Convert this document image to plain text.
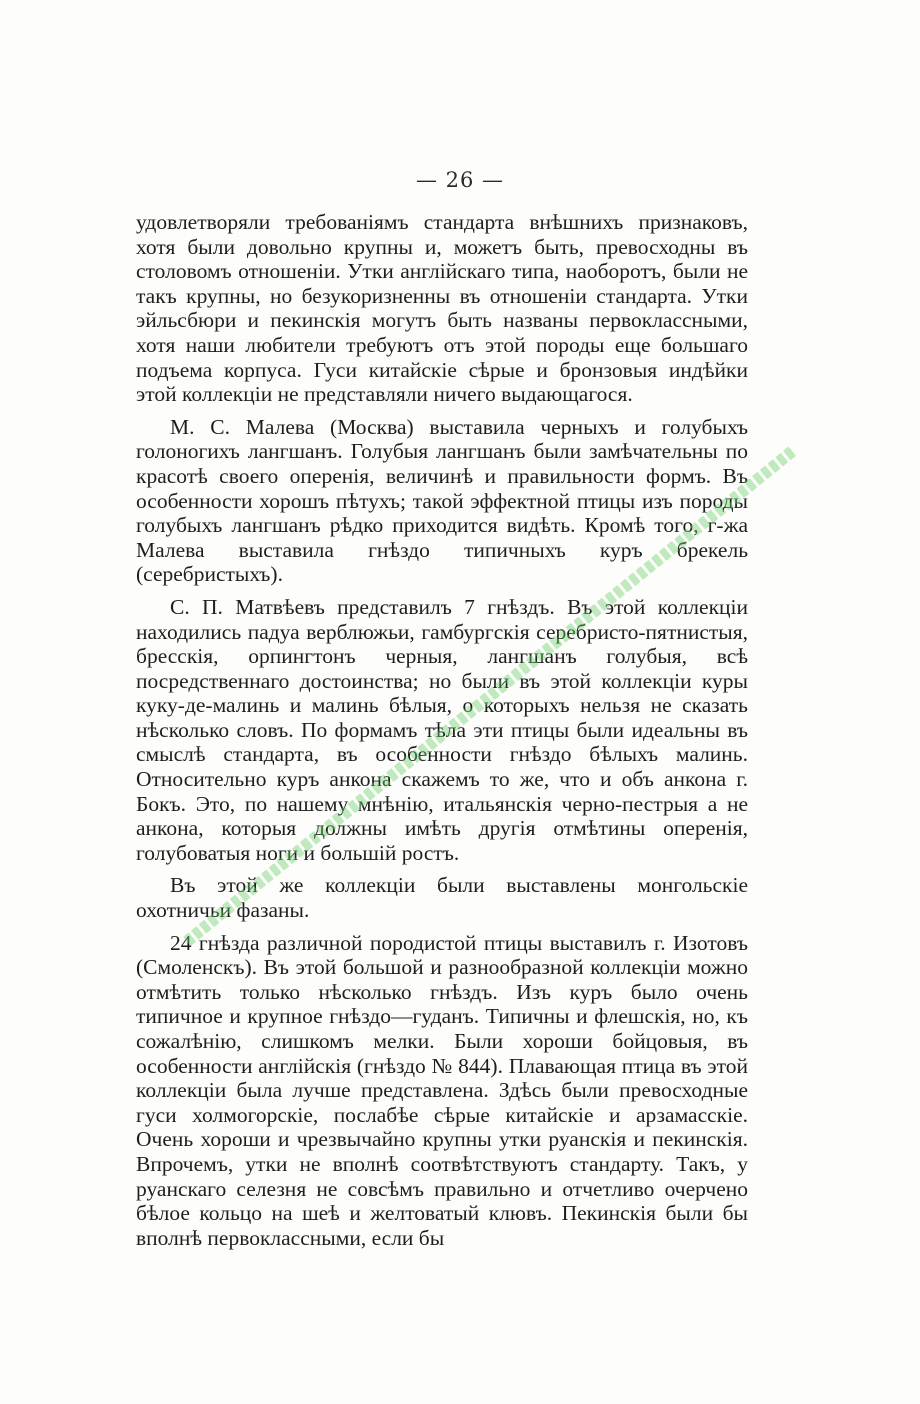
— 26 —

удовлетворяли требованіямъ стандарта внѣшнихъ признаковъ, хотя были довольно крупны и, можетъ быть, превосходны въ столовомъ отношеніи. Утки англійскаго типа, наоборотъ, были не такъ крупны, но безукоризненны въ отношеніи стандарта. Утки эйльсбюри и пекинскія могутъ быть названы первоклассными, хотя наши любители требуютъ отъ этой породы еще большаго подъема корпуса. Гуси китайскіе сѣрые и бронзовыя индѣйки этой коллекціи не представляли ничего выдающагося.

М. С. Малева (Москва) выставила черныхъ и голубыхъ голоногихъ лангшанъ. Голубыя лангшанъ были замѣчательны по красотѣ своего оперенія, величинѣ и правильности формъ. Въ особенности хорошъ пѣтухъ; такой эффектной птицы изъ породы голубыхъ лангшанъ рѣдко приходится видѣть. Кромѣ того, г-жа Малева выставила гнѣздо типичныхъ куръ брекель (серебристыхъ).

С. П. Матвѣевъ представилъ 7 гнѣздъ. Въ этой коллекціи находились падуа верблюжьи, гамбургскія серебристо-пятнистыя, бресскія, орпингтонъ черныя, лангшанъ голубыя, всѣ посредственнаго достоинства; но были въ этой коллекціи куры куку-де-малинь и малинь бѣлыя, о которыхъ нельзя не сказать нѣсколько словъ. По формамъ тѣла эти птицы были идеальны въ смыслѣ стандарта, въ особенности гнѣздо бѣлыхъ малинь. Относительно куръ анкона скажемъ то же, что и объ анкона г. Бокъ. Это, по нашему мнѣнію, итальянскія черно-пестрыя а не анкона, которыя должны имѣть другія отмѣтины оперенія, голубоватыя ноги и большій ростъ.

Въ этой же коллекціи были выставлены монгольскіе охотничьи фазаны.

24 гнѣзда различной породистой птицы выставилъ г. Изотовъ (Смоленскъ). Въ этой большой и разнообразной коллекціи можно отмѣтить только нѣсколько гнѣздъ. Изъ куръ было очень типичное и крупное гнѣздо—гуданъ. Типичны и флешскія, но, къ сожалѣнію, слишкомъ мелки. Были хороши бойцовыя, въ особенности англійскія (гнѣздо № 844). Плавающая птица въ этой коллекціи была лучше представлена. Здѣсь были превосходные гуси холмогорскіе, послабѣе сѣрые китайскіе и арзамасскіе. Очень хороши и чрезвычайно крупны утки руанскія и пекинскія. Впрочемъ, утки не вполнѣ соотвѣтствуютъ стандарту. Такъ, у руанскаго селезня не совсѣмъ правильно и отчетливо очерчено бѣлое кольцо на шеѣ и желтоватый клювъ. Пекинскія были бы вполнѣ первоклассными, если бы
